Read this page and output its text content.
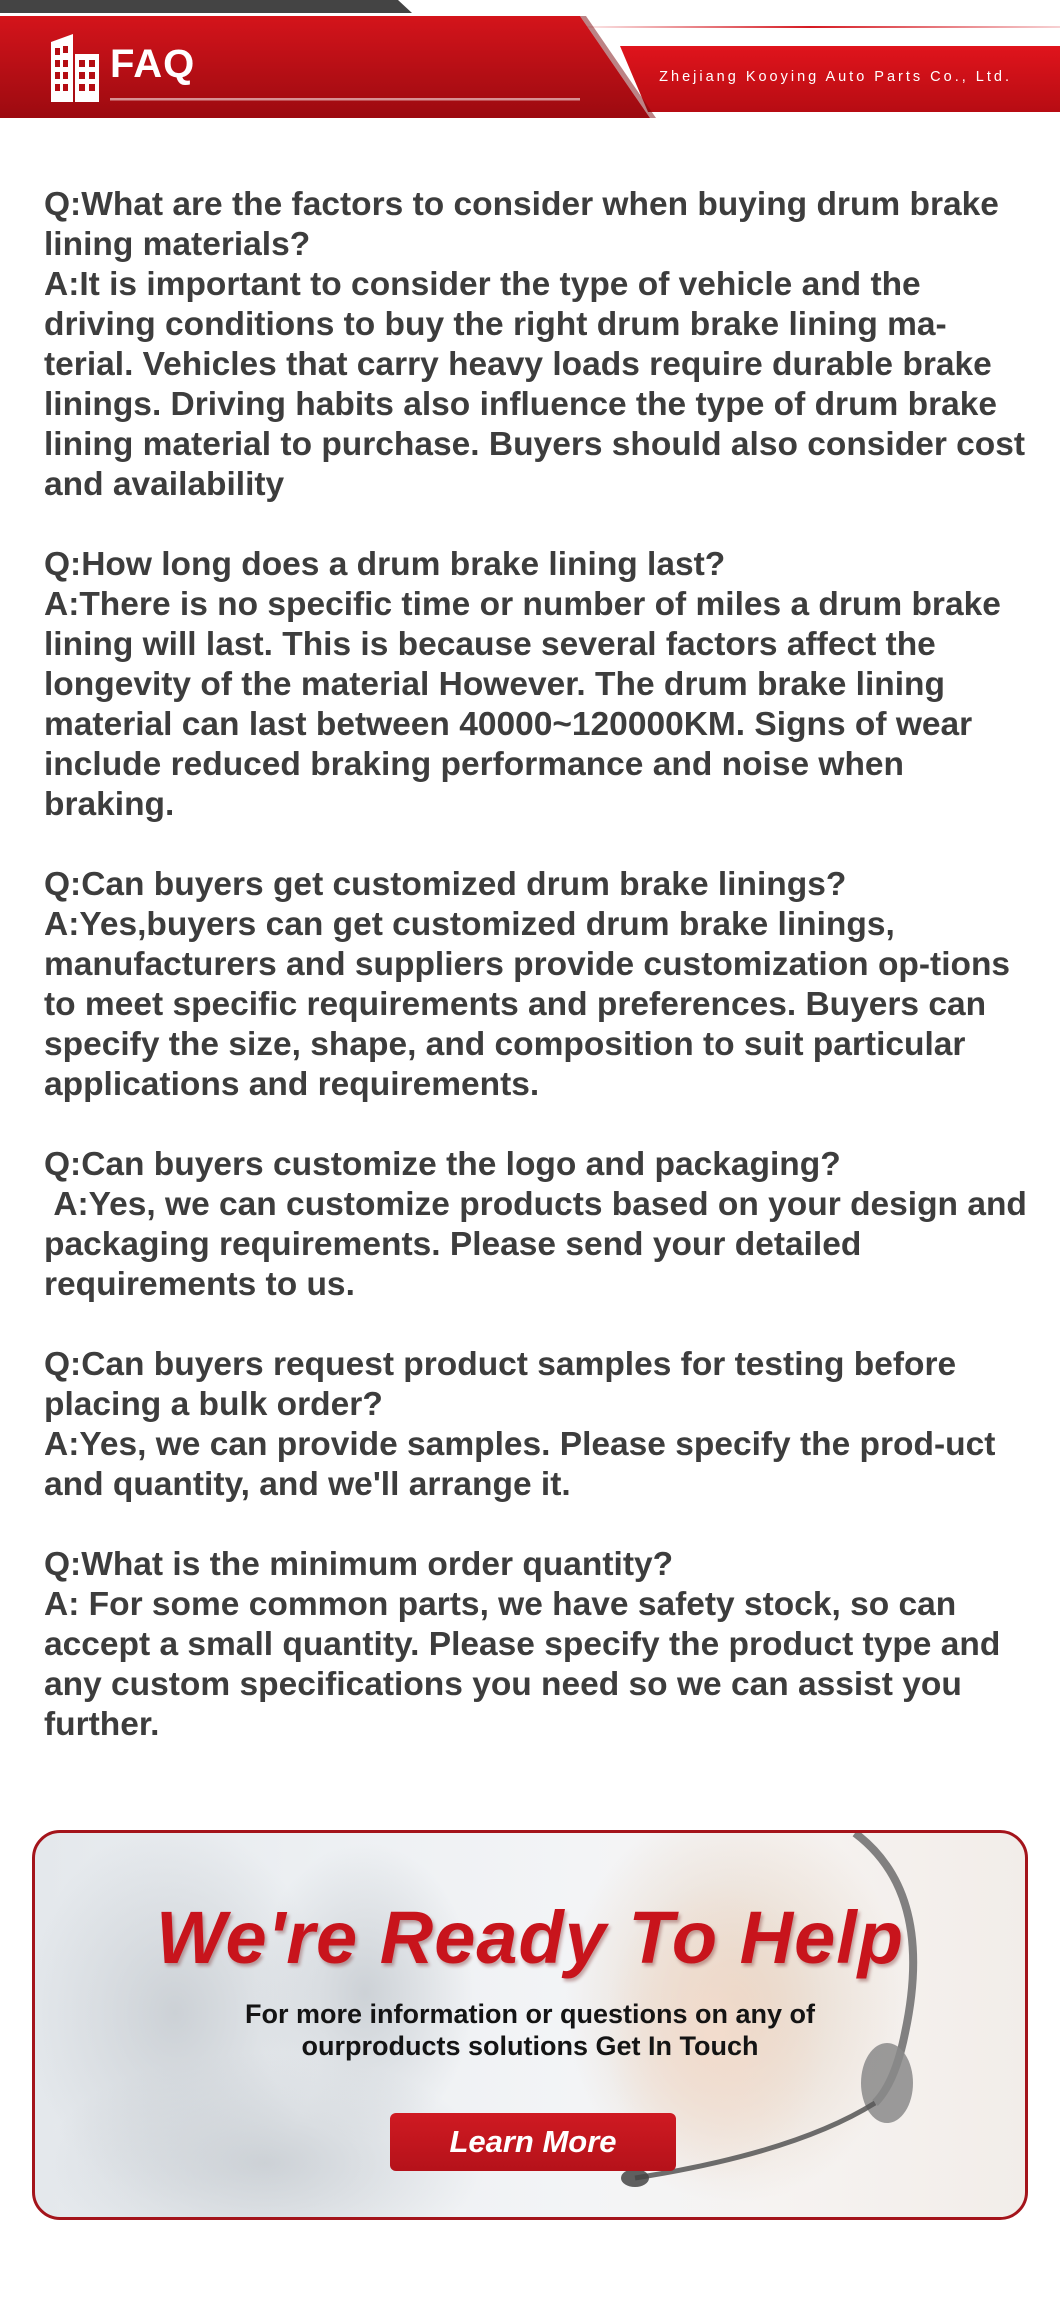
FAQ	Zhejiang Kooying Auto Parts Co., Ltd.

Q:What are the factors to consider when buying drum brake lining materials?

A:It is important to consider the type of vehicle and the driving conditions to buy the right drum brake lining ma-terial. Vehicles that carry heavy loads require durable brake linings. Driving habits also influence the type of drum brake lining material to purchase. Buyers should also consider cost and availability

Q:How long does a drum brake lining last?

A:There is no specific time or number of miles a drum brake lining will last. This is because several factors affect the longevity of the material However. The drum brake lining material can last between 40000~120000KM. Signs of wear include reduced braking performance and noise when braking.

Q:Can buyers get customized drum brake linings?

A:Yes,buyers can get customized drum brake linings, manufacturers and suppliers provide customization op-tions to meet specific requirements and preferences. Buyers can specify the size, shape, and composition to suit particular applications and requirements.

Q:Can buyers customize the logo and packaging?

A:Yes, we can customize products based on your design and packaging requirements. Please send your detailed requirements to us.

Q:Can buyers request product samples for testing before placing a bulk order?

A:Yes, we can provide samples. Please specify the prod-uct and quantity, and we'll arrange it.

Q:What is the minimum order quantity?

A: For some common parts, we have safety stock, so can accept a small quantity. Please specify the product type and any custom specifications you need so we can assist you further.

We're Ready To Help
For more information or questions on any of
ourproducts solutions Get In Touch
Learn More
